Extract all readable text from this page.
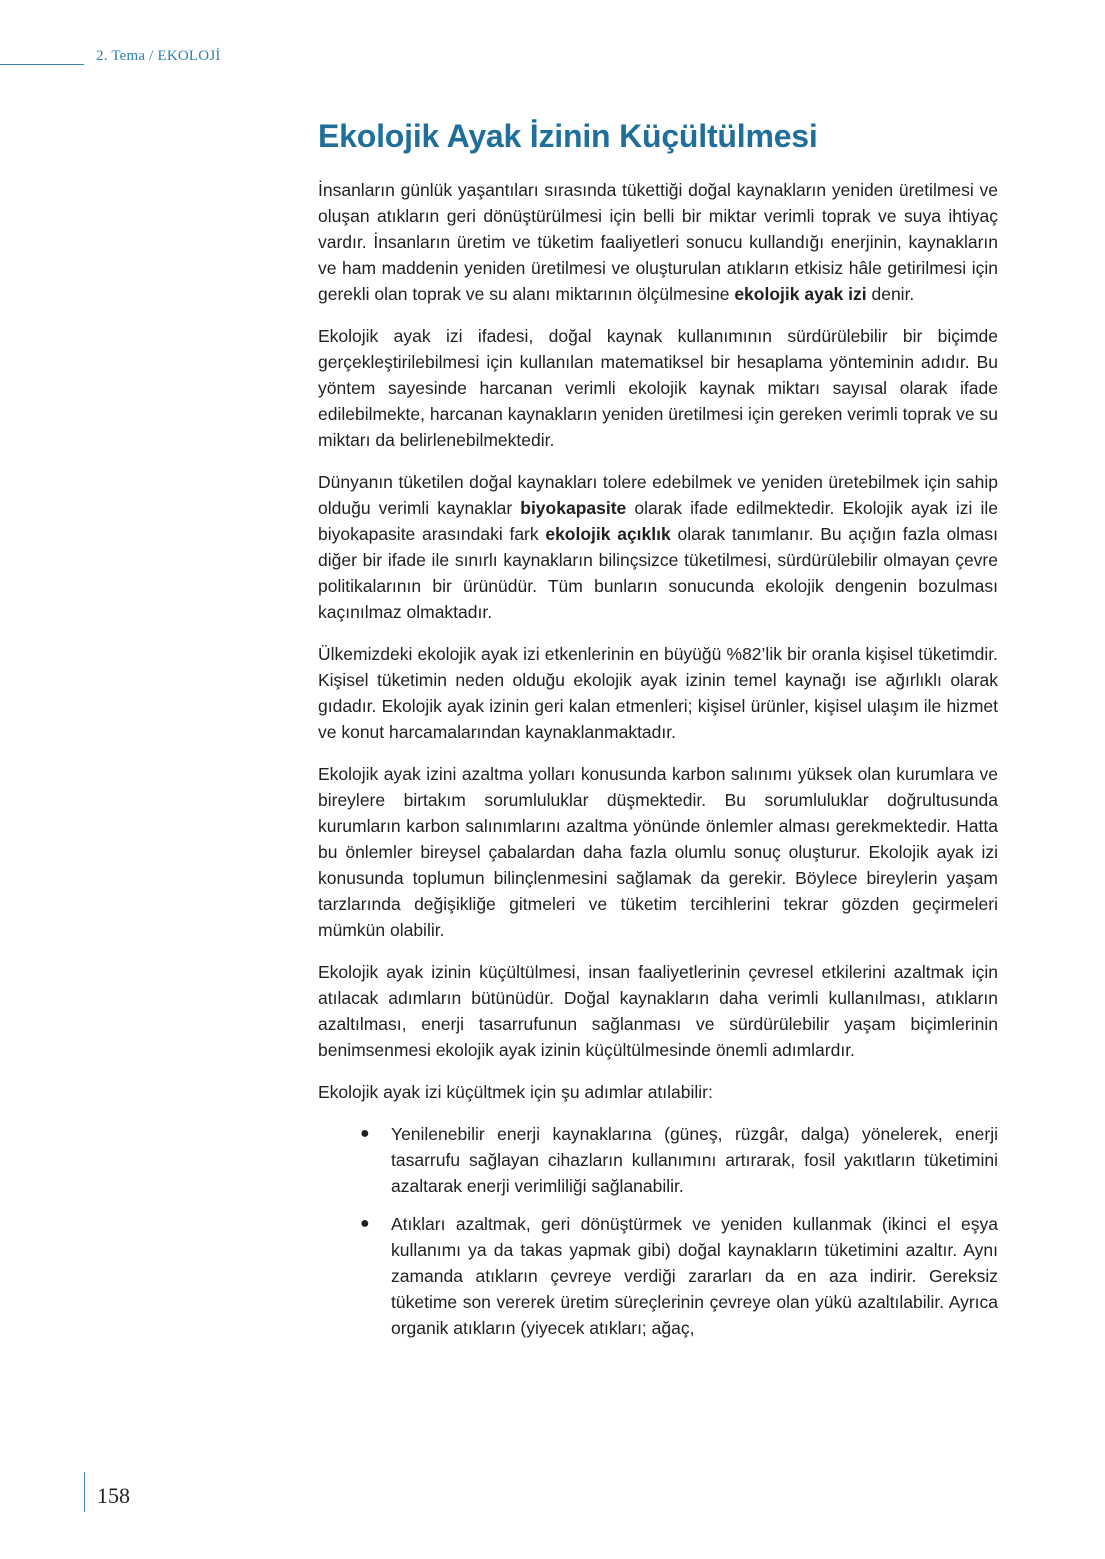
2. Tema / EKOLOJİ
Ekolojik Ayak İzinin Küçültülmesi

İnsanların günlük yaşantıları sırasında tükettiği doğal kaynakların yeniden üretilmesi ve oluşan atıkların geri dönüştürülmesi için belli bir miktar verimli toprak ve suya ihtiyaç vardır. İnsanların üretim ve tüketim faaliyetleri sonucu kullandığı enerjinin, kaynakların ve ham maddenin yeniden üretilmesi ve oluşturulan atıkların etkisiz hâle getirilmesi için gerekli olan toprak ve su alanı miktarının ölçülmesine ekolojik ayak izi denir.

Ekolojik ayak izi ifadesi, doğal kaynak kullanımının sürdürülebilir bir biçimde gerçekleştirilebilmesi için kullanılan matematiksel bir hesaplama yönteminin adıdır. Bu yöntem sayesinde harcanan verimli ekolojik kaynak miktarı sayısal olarak ifade edilebilmekte, harcanan kaynakların yeniden üretilmesi için gereken verimli toprak ve su miktarı da belirlenebilmektedir.

Dünyanın tüketilen doğal kaynakları tolere edebilmek ve yeniden üretebilmek için sahip olduğu verimli kaynaklar biyokapasite olarak ifade edilmektedir. Ekolojik ayak izi ile biyokapasite arasındaki fark ekolojik açıklık olarak tanımlanır. Bu açığın fazla olması diğer bir ifade ile sınırlı kaynakların bilinçsizce tüketilmesi, sürdürülebilir olmayan çevre politikalarının bir ürünüdür. Tüm bunların sonucunda ekolojik dengenin bozulması kaçınılmaz olmaktadır.

Ülkemizdeki ekolojik ayak izi etkenlerinin en büyüğü %82’lik bir oranla kişisel tüketimdir. Kişisel tüketimin neden olduğu ekolojik ayak izinin temel kaynağı ise ağırlıklı olarak gıdadır. Ekolojik ayak izinin geri kalan etmenleri; kişisel ürünler, kişisel ulaşım ile hizmet ve konut harcamalarından kaynaklanmaktadır.

Ekolojik ayak izini azaltma yolları konusunda karbon salınımı yüksek olan kurumlara ve bireylere birtakım sorumluluklar düşmektedir. Bu sorumluluklar doğrultusunda kurumların karbon salınımlarını azaltma yönünde önlemler alması gerekmektedir. Hatta bu önlemler bireysel çabalardan daha fazla olumlu sonuç oluşturur. Ekolojik ayak izi konusunda toplumun bilinçlenmesini sağlamak da gerekir. Böylece bireylerin yaşam tarzlarında değişikliğe gitmeleri ve tüketim tercihlerini tekrar gözden geçirmeleri mümkün olabilir.

Ekolojik ayak izinin küçültülmesi, insan faaliyetlerinin çevresel etkilerini azaltmak için atılacak adımların bütünüdür. Doğal kaynakların daha verimli kullanılması, atıkların azaltılması, enerji tasarrufunun sağlanması ve sürdürülebilir yaşam biçimlerinin benimsenmesi ekolojik ayak izinin küçültülmesinde önemli adımlardır.

Ekolojik ayak izi küçültmek için şu adımlar atılabilir:

● Yenilenebilir enerji kaynaklarına (güneş, rüzgâr, dalga) yönelerek, enerji tasarrufu sağlayan cihazların kullanımını artırarak, fosil yakıtların tüketimini azaltarak enerji verimliliği sağlanabilir.
● Atıkları azaltmak, geri dönüştürmek ve yeniden kullanmak (ikinci el eşya kullanımı ya da takas yapmak gibi) doğal kaynakların tüketimini azaltır. Aynı zamanda atıkların çevreye verdiği zararları da en aza indirir. Gereksiz tüketime son vererek üretim süreçlerinin çevreye olan yükü azaltılabilir. Ayrıca organik atıkların (yiyecek atıkları; ağaç,
158
